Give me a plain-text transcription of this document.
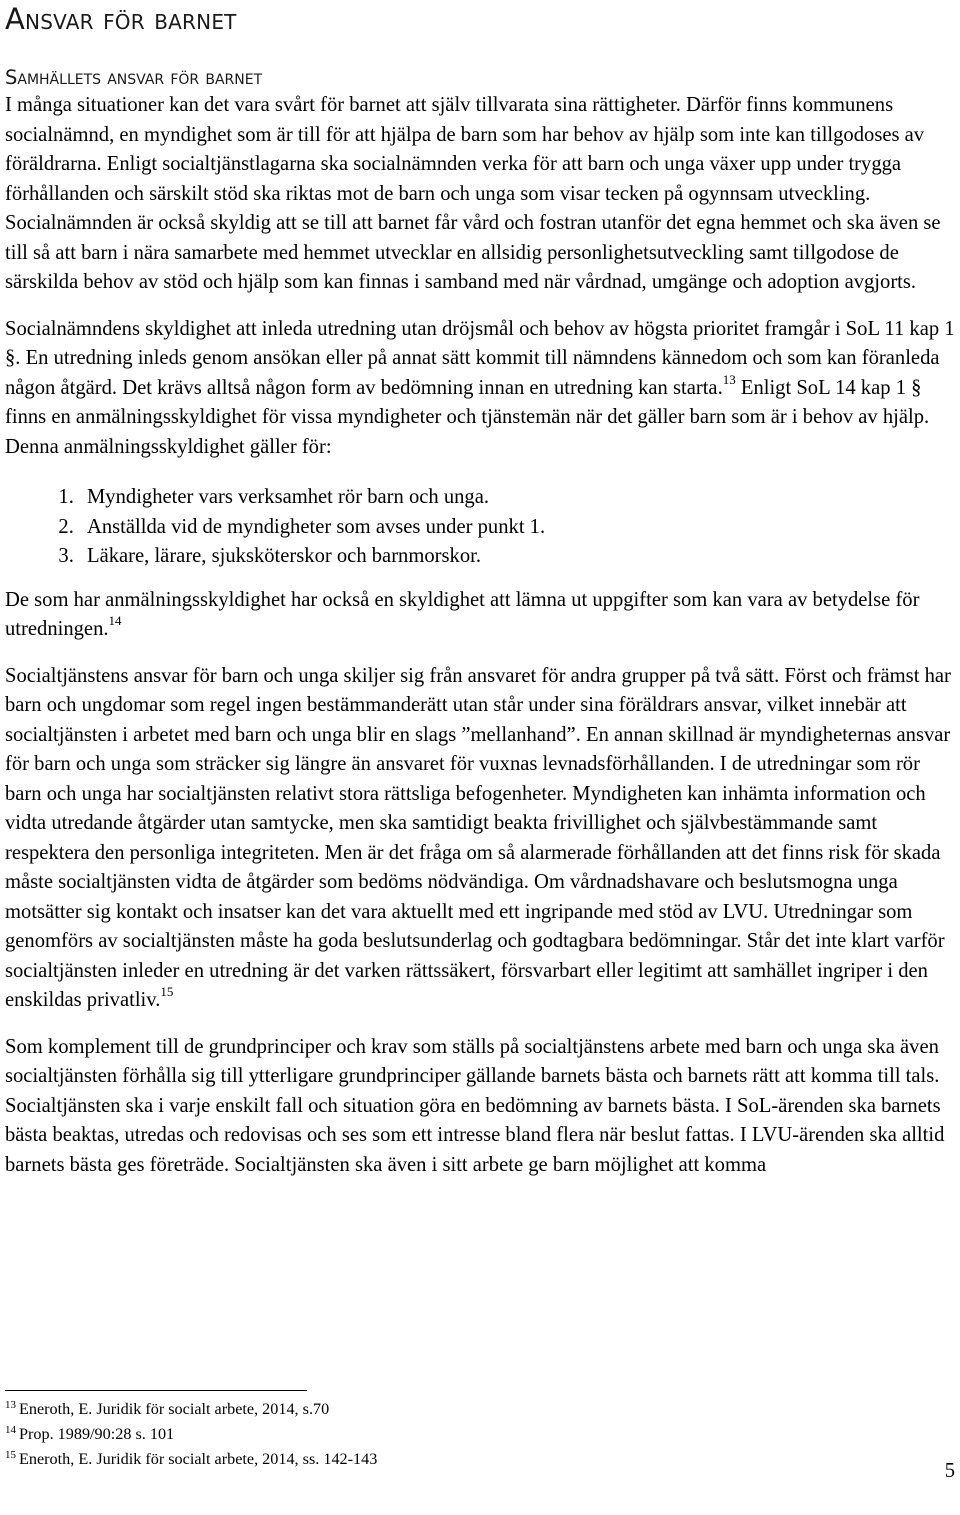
Ansvar för barnet
Samhällets ansvar för barnet

I många situationer kan det vara svårt för barnet att själv tillvarata sina rättigheter. Därför finns kommunens socialnämnd, en myndighet som är till för att hjälpa de barn som har behov av hjälp som inte kan tillgodoses av föräldrarna. Enligt socialtjänstlagarna ska socialnämnden verka för att barn och unga växer upp under trygga förhållanden och särskilt stöd ska riktas mot de barn och unga som visar tecken på ogynnsam utveckling. Socialnämnden är också skyldig att se till att barnet får vård och fostran utanför det egna hemmet och ska även se till så att barn i nära samarbete med hemmet utvecklar en allsidig personlighetsutveckling samt tillgodose de särskilda behov av stöd och hjälp som kan finnas i samband med när vårdnad, umgänge och adoption avgjorts.

Socialnämndens skyldighet att inleda utredning utan dröjsmål och behov av högsta prioritet framgår i SoL 11 kap 1 §. En utredning inleds genom ansökan eller på annat sätt kommit till nämndens kännedom och som kan föranleda någon åtgärd. Det krävs alltså någon form av bedömning innan en utredning kan starta.$^{13}$ Enligt SoL 14 kap 1 § finns en anmälningsskyldighet för vissa myndigheter och tjänstemän när det gäller barn som är i behov av hjälp. Denna anmälningsskyldighet gäller för:

1. Myndigheter vars verksamhet rör barn och unga.
2. Anställda vid de myndigheter som avses under punkt 1.
3. Läkare, lärare, sjuksköterskor och barnmorskor.

De som har anmälningsskyldighet har också en skyldighet att lämna ut uppgifter som kan vara av betydelse för utredningen.$^{14}$

Socialtjänstens ansvar för barn och unga skiljer sig från ansvaret för andra grupper på två sätt. Först och främst har barn och ungdomar som regel ingen bestämmanderätt utan står under sina föräldrars ansvar, vilket innebär att socialtjänsten i arbetet med barn och unga blir en slags ”mellanhand”. En annan skillnad är myndigheternas ansvar för barn och unga som sträcker sig längre än ansvaret för vuxnas levnadsförhållanden. I de utredningar som rör barn och unga har socialtjänsten relativt stora rättsliga befogenheter. Myndigheten kan inhämta information och vidta utredande åtgärder utan samtycke, men ska samtidigt beakta frivillighet och självbestämmande samt respektera den personliga integriteten. Men är det fråga om så alarmerade förhållanden att det finns risk för skada måste socialtjänsten vidta de åtgärder som bedöms nödvändiga. Om vårdnadshavare och beslutsmogna unga motsätter sig kontakt och insatser kan det vara aktuellt med ett ingripande med stöd av LVU. Utredningar som genomförs av socialtjänsten måste ha goda beslutsunderlag och godtagbara bedömningar. Står det inte klart varför socialtjänsten inleder en utredning är det varken rättssäkert, försvarbart eller legitimt att samhället ingriper i den enskildas privatliv.$^{15}$

Som komplement till de grundprinciper och krav som ställs på socialtjänstens arbete med barn och unga ska även socialtjänsten förhålla sig till ytterligare grundprinciper gällande barnets bästa och barnets rätt att komma till tals. Socialtjänsten ska i varje enskilt fall och situation göra en bedömning av barnets bästa. I SoL-ärenden ska barnets bästa beaktas, utredas och redovisas och ses som ett intresse bland flera när beslut fattas. I LVU-ärenden ska alltid barnets bästa ges företräde. Socialtjänsten ska även i sitt arbete ge barn möjlighet att komma

$^{13}$ Eneroth, E. Juridik för socialt arbete, 2014, s.70
$^{14}$ Prop. 1989/90:28 s. 101
$^{15}$ Eneroth, E. Juridik för socialt arbete, 2014, ss. 142-143
5
